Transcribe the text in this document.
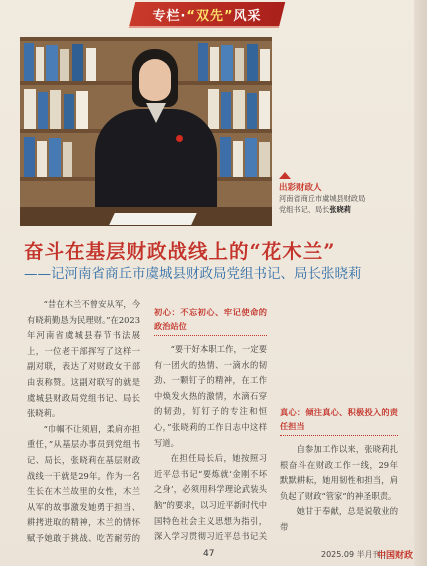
专栏·“双先”风采
出彩财政人
河南省商丘市虞城县财政局
党组书记、局长张晓莉
奋斗在基层财政战线上的“花木兰”
——记河南省商丘市虞城县财政局党组书记、局长张晓莉

“昔在木兰不曾安从军，今有晓莉勤恳为民理财。”在2023年河南省虞城县春节书法展上，一位老干部挥写了这样一副对联，表达了对财政女干部由衷称赞。这副对联写的就是虞城县财政局党组书记、局长张晓莉。

“巾帼不让须眉，柔肩亦担重任，”从基层办事员到党组书记、局长，张晓莉在基层财政战线一干就是29年。作为一名生长在木兰故里的女性，木兰从军的故事激发她勇于担当、耕拷进取的精神，木兰的情怀赋予她敢于挑战、吃苦耐劳的

初心：不忘初心、牢记使命的政治站位

“要干好本职工作，一定要有一团火的热情、一滴水的韧劲、一颗钉子的精神，在工作中焕发火热的激情，水滴石穿的韧劲，钉钉子的专注和恒心，”张晓莉的工作日志中这样写道。

在担任局长后，她按照习近平总书记“要炼就‘金刚不坏之身’，必须用科学理论武装头脑”的要求，以习近平新时代中国特色社会主义思想为指引，深入学习贯彻习近平总书记关

真心：倾注真心、积极投入的责任担当

自参加工作以来，张晓莉扎根奋斗在财政工作一线，29年默默耕耘，她用韧性和担当，肩负起了财政“管家”的神圣职责。

她甘于奉献，总是说敬业的带

47	2025.09 半月刊 |
中国财政
